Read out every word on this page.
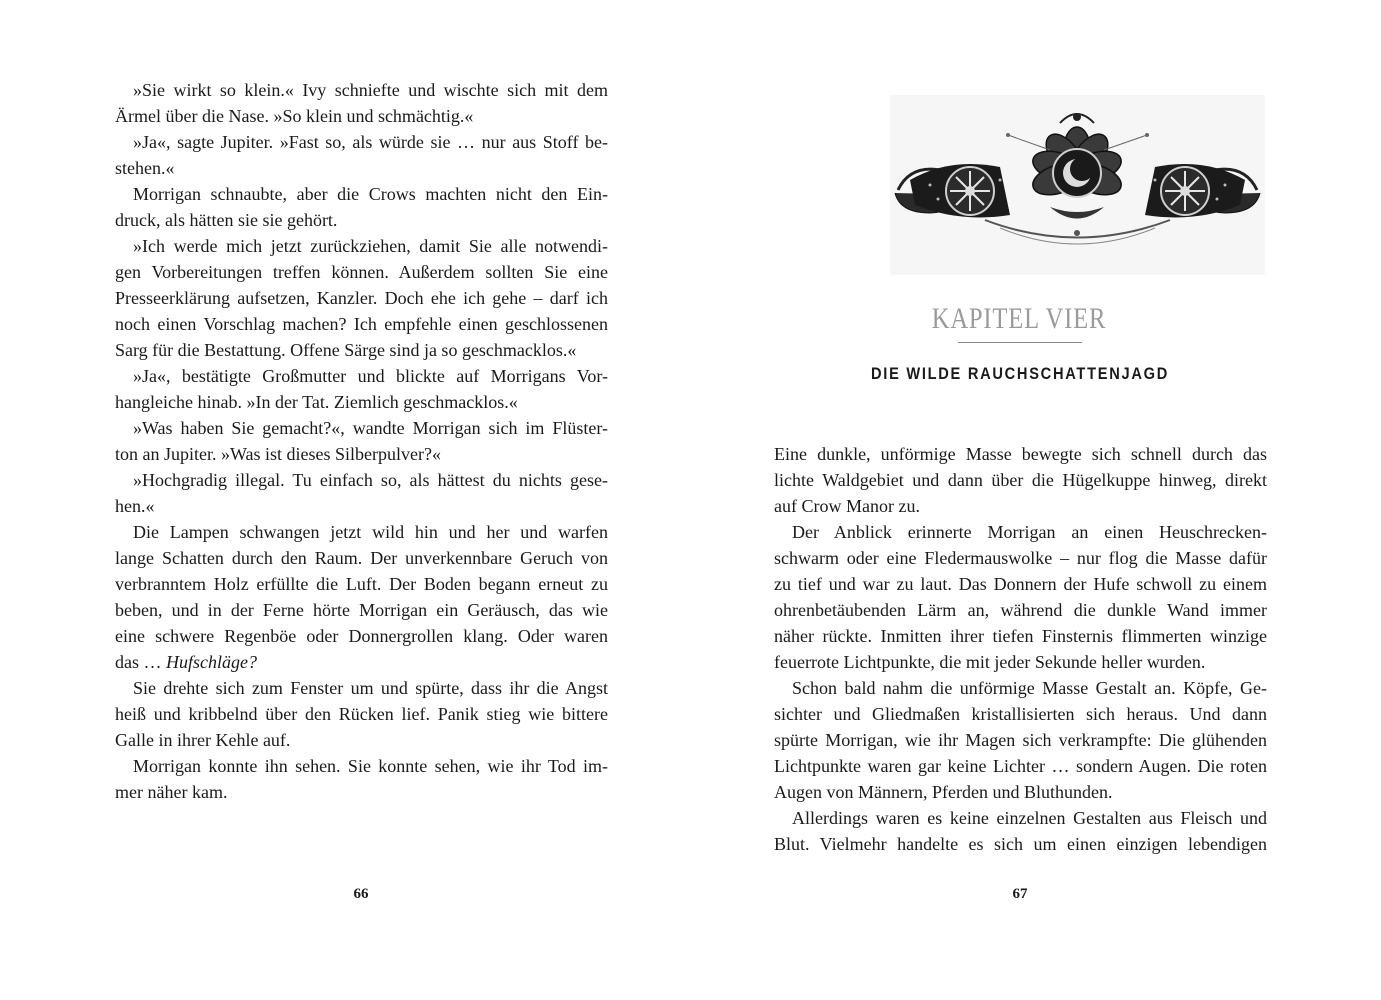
»Sie wirkt so klein.« Ivy schniefte und wischte sich mit dem
Ärmel über die Nase. »So klein und schmächtig.«
»Ja«, sagte Jupiter. »Fast so, als würde sie … nur aus Stoff be-
stehen.«
Morrigan schnaubte, aber die Crows machten nicht den Ein-
druck, als hätten sie sie gehört.
»Ich werde mich jetzt zurückziehen, damit Sie alle notwendi-
gen Vorbereitungen treffen können. Außerdem sollten Sie eine
Presseerklärung aufsetzen, Kanzler. Doch ehe ich gehe – darf ich
noch einen Vorschlag machen? Ich empfehle einen geschlossenen
Sarg für die Bestattung. Offene Särge sind ja so geschmacklos.«
»Ja«, bestätigte Großmutter und blickte auf Morrigans Vor-
hangleiche hinab. »In der Tat. Ziemlich geschmacklos.«
»Was haben Sie gemacht?«, wandte Morrigan sich im Flüster-
ton an Jupiter. »Was ist dieses Silberpulver?«
»Hochgradig illegal. Tu einfach so, als hättest du nichts gese-
hen.«
Die Lampen schwangen jetzt wild hin und her und warfen
lange Schatten durch den Raum. Der unverkennbare Geruch von
verbranntem Holz erfüllte die Luft. Der Boden begann erneut zu
beben, und in der Ferne hörte Morrigan ein Geräusch, das wie
eine schwere Regenböe oder Donnergrollen klang. Oder waren
das … Hufschläge?
Sie drehte sich zum Fenster um und spürte, dass ihr die Angst
heiß und kribbelnd über den Rücken lief. Panik stieg wie bittere
Galle in ihrer Kehle auf.
Morrigan konnte ihn sehen. Sie konnte sehen, wie ihr Tod im-
mer näher kam.
66
KAPITEL VIER
DIE WILDE RAUCHSCHATTENJAGD
Eine dunkle, unförmige Masse bewegte sich schnell durch das
lichte Waldgebiet und dann über die Hügelkuppe hinweg, direkt
auf Crow Manor zu.
Der Anblick erinnerte Morrigan an einen Heuschrecken-
schwarm oder eine Fledermauswolke – nur flog die Masse dafür
zu tief und war zu laut. Das Donnern der Hufe schwoll zu einem
ohrenbetäubenden Lärm an, während die dunkle Wand immer
näher rückte. Inmitten ihrer tiefen Finsternis flimmerten winzige
feuerrote Lichtpunkte, die mit jeder Sekunde heller wurden.
Schon bald nahm die unförmige Masse Gestalt an. Köpfe, Ge-
sichter und Gliedmaßen kristallisierten sich heraus. Und dann
spürte Morrigan, wie ihr Magen sich verkrampfte: Die glühenden
Lichtpunkte waren gar keine Lichter … sondern Augen. Die roten
Augen von Männern, Pferden und Bluthunden.
Allerdings waren es keine einzelnen Gestalten aus Fleisch und
Blut. Vielmehr handelte es sich um einen einzigen lebendigen
67
